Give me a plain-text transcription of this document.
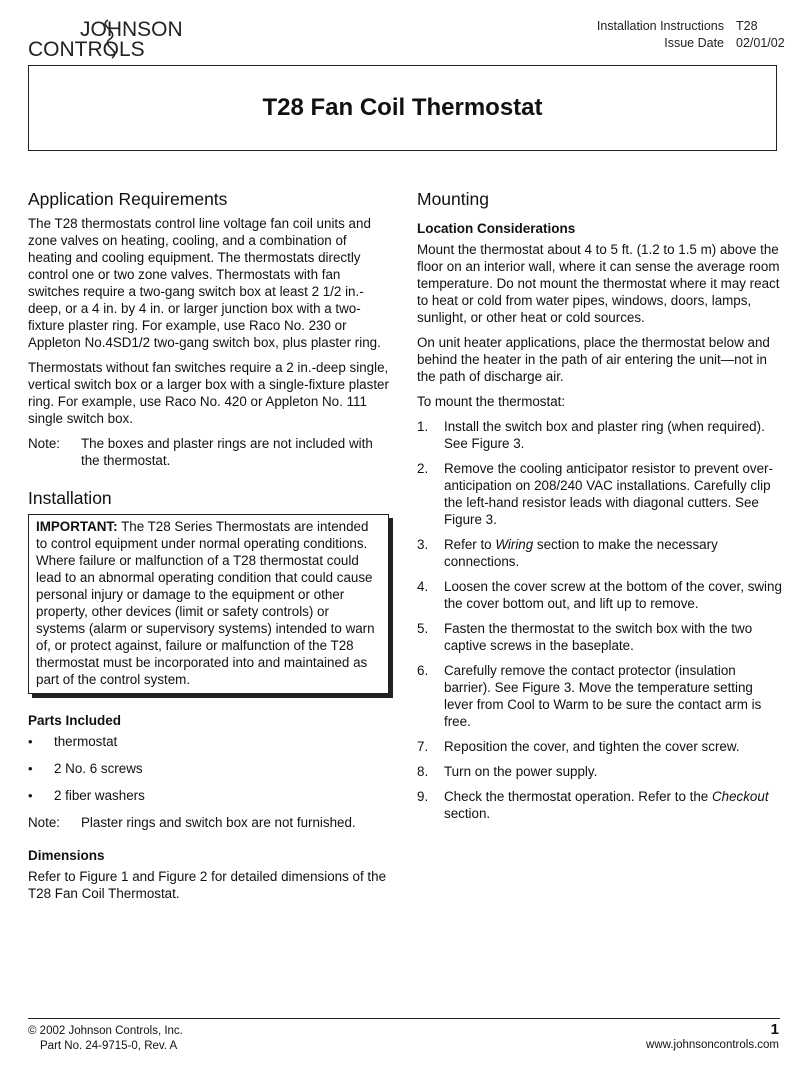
JOHNSON
CONTROLS
Installation Instructions T28
Issue Date 02/01/02
T28 Fan Coil Thermostat
Application Requirements

The T28 thermostats control line voltage fan coil units and zone valves on heating, cooling, and a combination of heating and cooling equipment. The thermostats directly control one or two zone valves. Thermostats with fan switches require a two-gang switch box at least 2 1/2 in.-deep, or a 4 in. by 4 in. or larger junction box with a two-fixture plaster ring. For example, use Raco No. 230 or Appleton No.4SD1/2 two-gang switch box, plus plaster ring.

Thermostats without fan switches require a 2 in.-deep single, vertical switch box or a larger box with a single-fixture plaster ring. For example, use Raco No. 420 or Appleton No. 111 single switch box.

Note:	The boxes and plaster rings are not included with the thermostat.
Installation
IMPORTANT: The T28 Series Thermostats are intended to control equipment under normal operating conditions. Where failure or malfunction of a T28 thermostat could lead to an abnormal operating condition that could cause personal injury or damage to the equipment or other property, other devices (limit or safety controls) or systems (alarm or supervisory systems) intended to warn of, or protect against, failure or malfunction of the T28 thermostat must be incorporated into and maintained as part of the control system.
Parts Included
•	thermostat
•	2 No. 6 screws
•	2 fiber washers
Note:	Plaster rings and switch box are not furnished.
Dimensions

Refer to Figure 1 and Figure 2 for detailed dimensions of the T28 Fan Coil Thermostat.

Mounting
Location Considerations

Mount the thermostat about 4 to 5 ft. (1.2 to 1.5 m) above the floor on an interior wall, where it can sense the average room temperature. Do not mount the thermostat where it may react to heat or cold from water pipes, windows, doors, lamps, sunlight, or other heat or cold sources.

On unit heater applications, place the thermostat below and behind the heater in the path of air entering the unit—not in the path of discharge air.

To mount the thermostat:

1.	Install the switch box and plaster ring (when required). See Figure 3.
2.	Remove the cooling anticipator resistor to prevent over-anticipation on 208/240 VAC installations. Carefully clip the left-hand resistor leads with diagonal cutters. See Figure 3.
3.	Refer to Wiring section to make the necessary connections.
4.	Loosen the cover screw at the bottom of the cover, swing the cover bottom out, and lift up to remove.
5.	Fasten the thermostat to the switch box with the two captive screws in the baseplate.
6.	Carefully remove the contact protector (insulation barrier). See Figure 3. Move the temperature setting lever from Cool to Warm to be sure the contact arm is free.
7.	Reposition the cover, and tighten the cover screw.
8.	Turn on the power supply.
9.	Check the thermostat operation. Refer to the Checkout section.
© 2002 Johnson Controls, Inc.
Part No. 24-9715-0, Rev. A
1
www.johnsoncontrols.com
